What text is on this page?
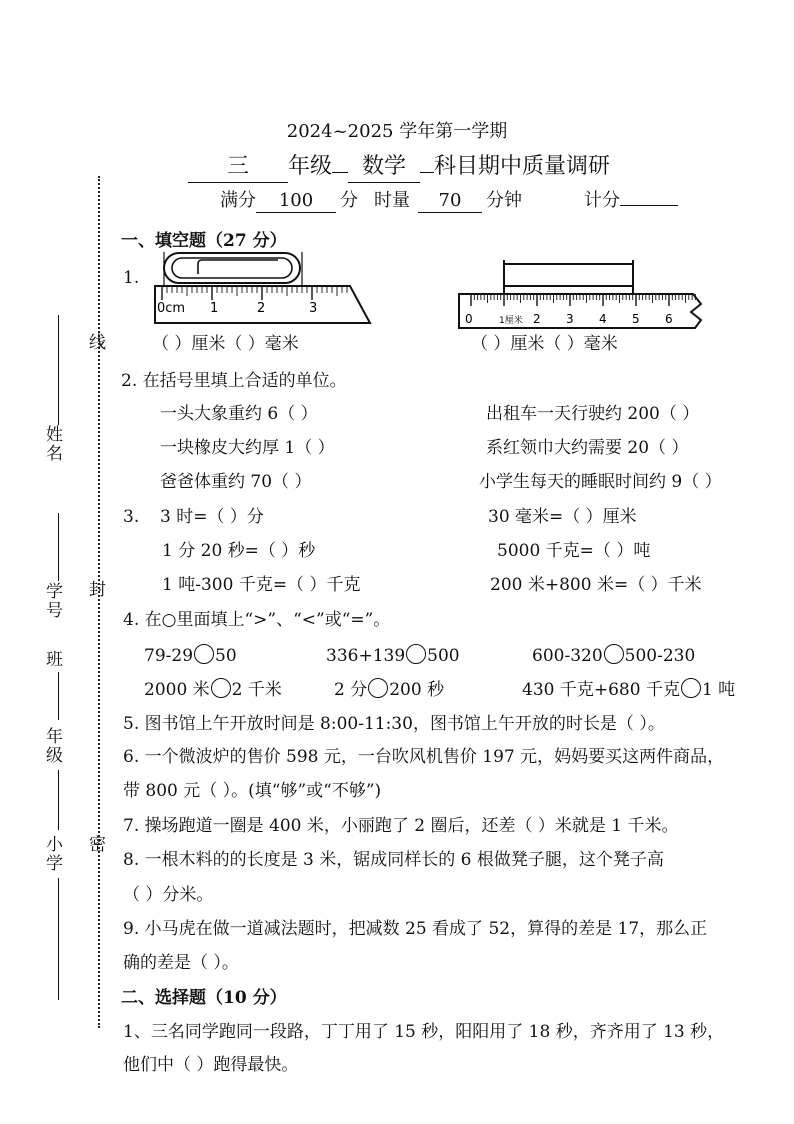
2024~2025 学年第一学期
三 年级 数学 科目期中质量调研
满分 100 分 时量 70 分钟	计分
姓名
学号
班
年级
小学
线
封
密
一、填空题（27 分）
1.
0cm 1	2	3
0	1厘米 2 3 4 5 6
（ ）厘米（ ）毫米	（ ）厘米（ ）毫米
2. 在括号里填上合适的单位。
一头大象重约 6（ ）	出租车一天行驶约 200（ ）
一块橡皮大约厚 1（ ）	系红领巾大约需要 20（ ）
爸爸体重约 70（ ）	小学生每天的睡眠时间约 9（ ）
3. 3 时=（ ）分	30 毫米=（ ）厘米
1 分 20 秒=（ ）秒	5000 千克=（ ）吨
1 吨-300 千克=（ ）千克	200 米+800 米=（ ）千米
4. 在○里面填上“>”、“<”或“=”。
79-29 50	336+139 500	600-320 500-230
2000 米 2 千米	2 分 200 秒	430 千克+680 千克 1 吨
5. 图书馆上午开放时间是 8:00-11:30，图书馆上午开放的时长是（ ）。
6. 一个微波炉的售价 598 元，一台吹风机售价 197 元，妈妈要买这两件商品，
带 800 元（ ）。(填“够”或“不够”)
7. 操场跑道一圈是 400 米，小丽跑了 2 圈后，还差（ ）米就是 1 千米。
8. 一根木料的的长度是 3 米，锯成同样长的 6 根做凳子腿，这个凳子高
（ ）分米。
9. 小马虎在做一道减法题时，把减数 25 看成了 52，算得的差是 17，那么正
确的差是（ ）。
二、选择题（10 分）
1、三名同学跑同一段路，丁丁用了 15 秒，阳阳用了 18 秒，齐齐用了 13 秒，
他们中（ ）跑得最快。
